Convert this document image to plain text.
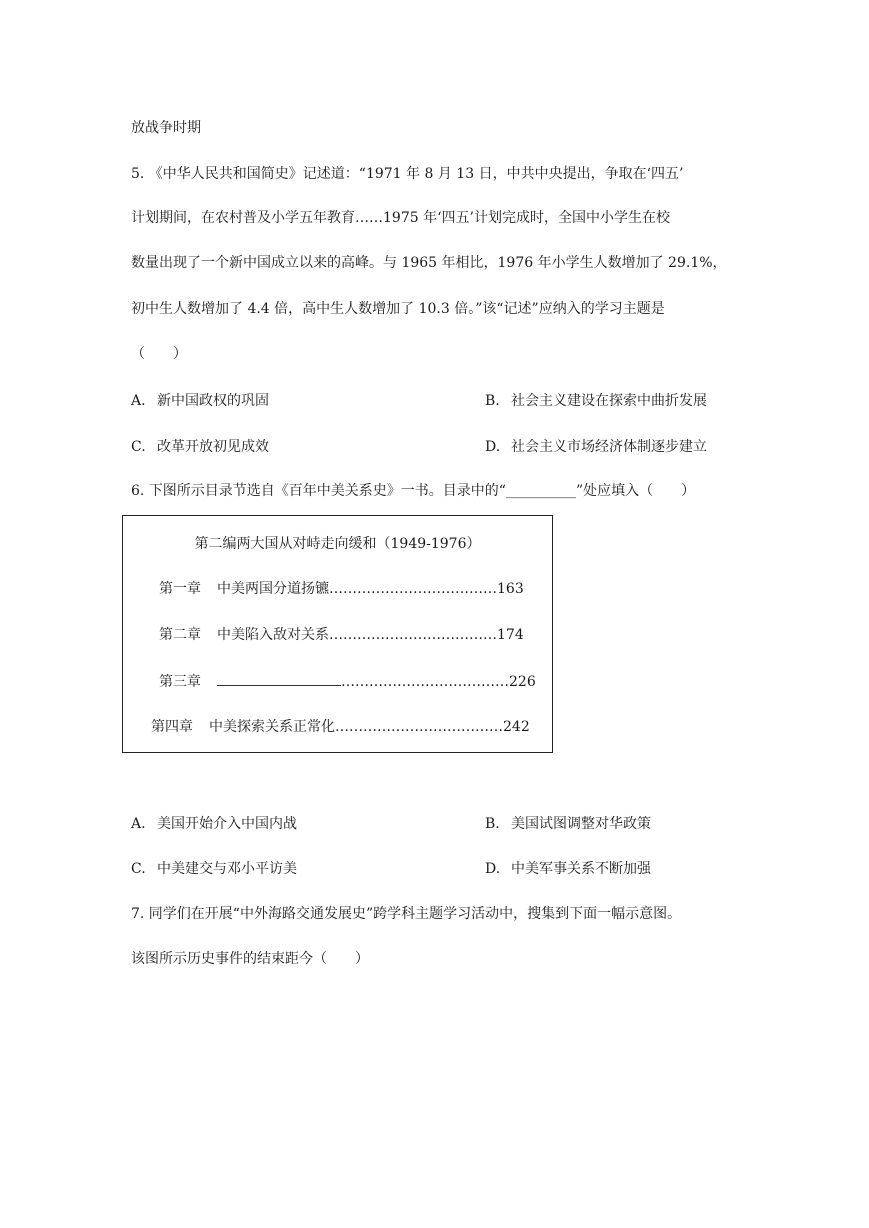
放战争时期
5. 《中华人民共和国简史》记述道：“1971 年 8 月 13 日，中共中央提出，争取在‘四五’
计划期间，在农村普及小学五年教育……1975 年‘四五’计划完成时，全国中小学生在校
数量出现了一个新中国成立以来的高峰。与 1965 年相比，1976 年小学生人数增加了 29.1%，
初中生人数增加了 4.4 倍，高中生人数增加了 10.3 倍。”该“记述”应纳入的学习主题是
（　　）
A. 新中国政权的巩固	B. 社会主义建设在探索中曲折发展
C. 改革开放初见成效	D. 社会主义市场经济体制逐步建立
6. 下图所示目录节选自《百年中美关系史》一书。目录中的“__________”处应填入（　　）
第二编两大国从对峙走向缓和（1949-1976）
第一章 中美两国分道扬镳………………………………163
第二章 中美陷入敌对关系………………………………174
第三章	………………………………226
第四章 中美探索关系正常化………………………………242
A. 美国开始介入中国内战	B. 美国试图调整对华政策
C. 中美建交与邓小平访美	D. 中美军事关系不断加强
7. 同学们在开展“中外海路交通发展史”跨学科主题学习活动中，搜集到下面一幅示意图。
该图所示历史事件的结束距今（　　）
